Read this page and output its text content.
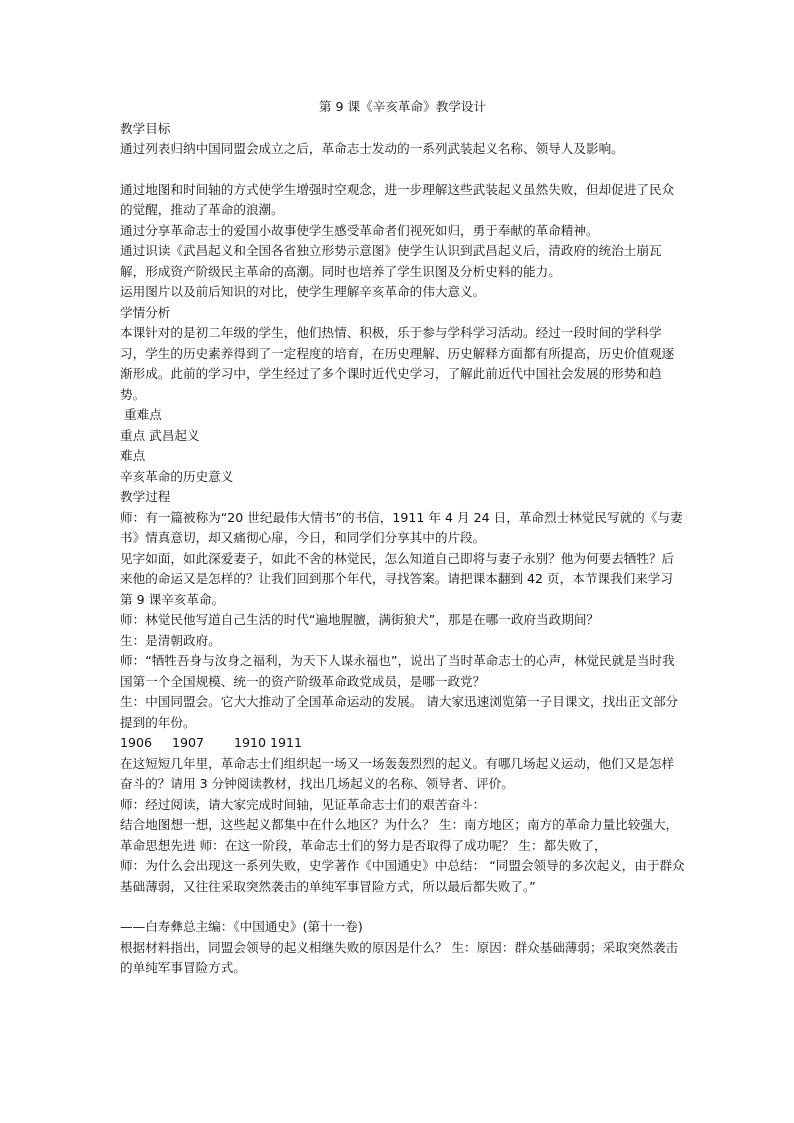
第 9 课《辛亥革命》教学设计

教学目标

通过列表归纳中国同盟会成立之后，革命志士发动的一系列武装起义名称、领导人及影响。

通过地图和时间轴的方式使学生增强时空观念，进一步理解这些武装起义虽然失败，但却促进了民众的觉醒，推动了革命的浪潮。

通过分享革命志士的爱国小故事使学生感受革命者们视死如归，勇于奉献的革命精神。

通过识读《武昌起义和全国各省独立形势示意图》使学生认识到武昌起义后，清政府的统治土崩瓦解，形成资产阶级民主革命的高潮。同时也培养了学生识图及分析史料的能力。

运用图片以及前后知识的对比，使学生理解辛亥革命的伟大意义。

学情分析

本课针对的是初二年级的学生，他们热情、积极，乐于参与学科学习活动。经过一段时间的学科学习，学生的历史素养得到了一定程度的培育，在历史理解、历史解释方面都有所提高，历史价值观逐渐形成。此前的学习中，学生经过了多个课时近代史学习，了解此前近代中国社会发展的形势和趋势。

重难点

重点 武昌起义

难点

辛亥革命的历史意义

教学过程

师：有一篇被称为“20 世纪最伟大情书”的书信，1911 年 4 月 24 日，革命烈士林觉民写就的《与妻书》情真意切，却又痛彻心扉，今日，和同学们分享其中的片段。

见字如面，如此深爱妻子，如此不舍的林觉民，怎么知道自己即将与妻子永别？他为何要去牺牲？后来他的命运又是怎样的？让我们回到那个年代，寻找答案。请把课本翻到 42 页，本节课我们来学习第 9 课辛亥革命。

师：林觉民他写道自己生活的时代“遍地腥膻，满街狼犬”，那是在哪一政府当政期间？

生：是清朝政府。

师：“牺牲吾身与汝身之福利，为天下人谋永福也”，说出了当时革命志士的心声，林觉民就是当时我国第一个全国规模、统一的资产阶级革命政党成员，是哪一政党？

生：中国同盟会。它大大推动了全国革命运动的发展。 请大家迅速浏览第一子目课文，找出正文部分提到的年份。

1906 1907 1910 1911

在这短短几年里，革命志士们组织起一场又一场轰轰烈烈的起义。有哪几场起义运动，他们又是怎样奋斗的？请用 3 分钟阅读教材，找出几场起义的名称、领导者、评价。

师：经过阅读，请大家完成时间轴，见证革命志士们的艰苦奋斗：

结合地图想一想，这些起义都集中在什么地区？为什么？ 生：南方地区；南方的革命力量比较强大，革命思想先进 师：在这一阶段，革命志士们的努力是否取得了成功呢？ 生：都失败了，

师：为什么会出现这一系列失败，史学著作《中国通史》中总结： “同盟会领导的多次起义，由于群众基础薄弱，又往往采取突然袭击的单纯军事冒险方式，所以最后都失败了。”

——白寿彝总主编：《中国通史》(第十一卷)

根据材料指出，同盟会领导的起义相继失败的原因是什么？ 生：原因：群众基础薄弱；采取突然袭击的单纯军事冒险方式。
